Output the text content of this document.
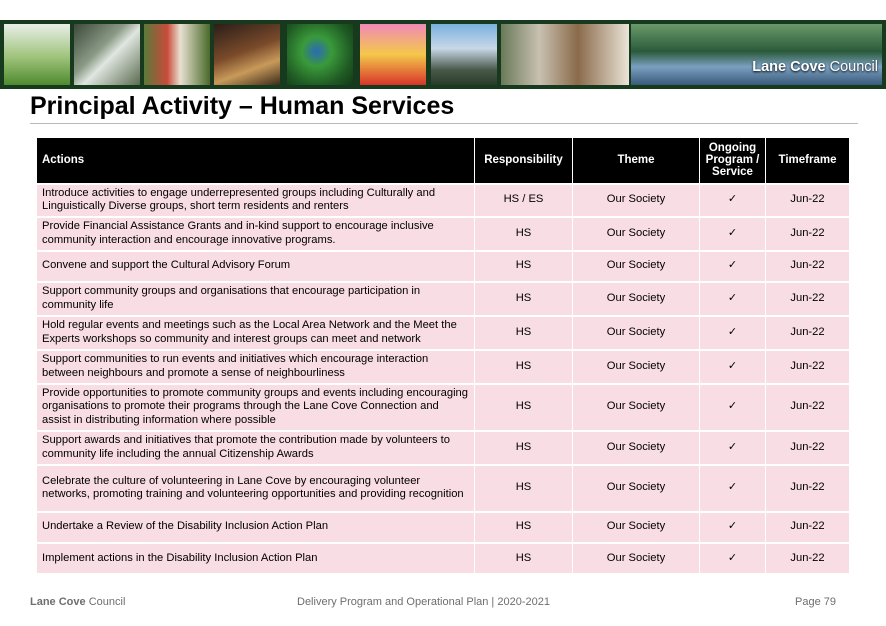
Lane Cove Council
Principal Activity – Human Services
Actions	Responsibility	Theme	Ongoing Program / Service	Timeframe
Introduce activities to engage underrepresented groups including Culturally and Linguistically Diverse groups, short term residents and renters	HS / ES	Our Society	✓	Jun-22
Provide Financial Assistance Grants and in-kind support to encourage inclusive community interaction and encourage innovative programs.	HS	Our Society	✓	Jun-22
Convene and support the Cultural Advisory Forum	HS	Our Society	✓	Jun-22
Support community groups and organisations that encourage participation in community life	HS	Our Society	✓	Jun-22
Hold regular events and meetings such as the Local Area Network and the Meet the Experts workshops so community and interest groups can meet and network	HS	Our Society	✓	Jun-22
Support communities to run events and initiatives which encourage interaction between neighbours and promote a sense of neighbourliness	HS	Our Society	✓	Jun-22
Provide opportunities to promote community groups and events including encouraging organisations to promote their programs through the Lane Cove Connection and assist in distributing information where possible	HS	Our Society	✓	Jun-22
Support awards and initiatives that promote the contribution made by volunteers to community life including the annual Citizenship Awards	HS	Our Society	✓	Jun-22
Celebrate the culture of volunteering in Lane Cove by encouraging volunteer networks, promoting training and volunteering opportunities and providing recognition	HS	Our Society	✓	Jun-22
Undertake a Review of the Disability Inclusion Action Plan	HS	Our Society	✓	Jun-22
Implement actions in the Disability Inclusion Action Plan	HS	Our Society	✓	Jun-22
Lane Cove Council	Delivery Program and Operational Plan | 2020-2021	Page 79
